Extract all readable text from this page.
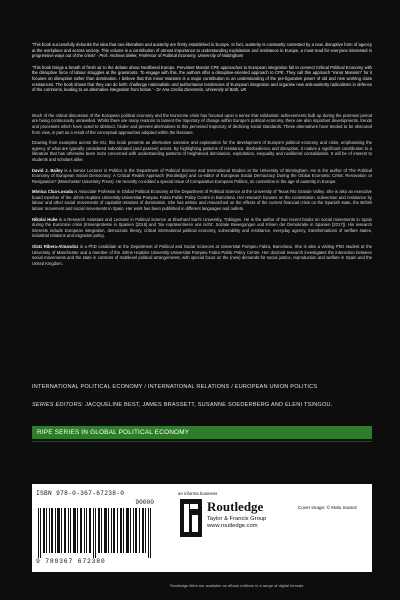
'This book successfully debunks the idea that neo-liberalism and austerity are firmly established in Europe. In fact, austerity is constantly contested by a new, disruptive form of agency at the workplace and across society. This volume is a contribution of utmost importance to understanding exploitation and resistance in Europe, a must-read for everyone interested in progressive ways out of the crisis!' - Prof. Andreas Bieler, Professor of Political Economy, University of Nottingham

'This book brings a breath of fresh air to the debate about Neoliberal Europe. Prevalent Marxist CPE approaches to European integration fail to connect Critical Political Economy with the disruptive force of labour struggles at the grassroots. To engage with this, the authors offer a disruptive-oriented approach to CPE. They call this approach "minor Marxism" for it focuses on disruption rather than domination. I believe that this minor Marxism is a major contribution to an understanding of the pre-figurative power of old and new working class resistances. The book shows that they can do both: challenge nationalistic and authoritarian tendencies of European integration and organise new anti-austerity radicalisms in defence of the commons, leading to an alternative integration from below.' - Dr Ana Cecilia Dinerstein, University of Bath, UK

Much of the critical discussion of the European political economy and the Eurozone crisis has focused upon a sense that solidaristic achievements built up during the post-war period are being continuously unravelled. Whilst there are many reasons to lament the trajectory of change within Europe's political economy, there are also important developments, trends and processes which have acted to obstruct, hinder and prevent alternatives to this perceived trajectory of declining social standards. These alternatives have tended to be obscured from view, in part as a result of the conceptual approaches adopted within the literature.

Drawing from examples across the EU, this book presents an alternative narrative and explanation for the development of Europe's political economy and crisis, emphasising the agency of what are typically considered subordinated (and passive) actors. By highlighting patterns of resistance, disobedience and disruption, it makes a significant contribution to a literature that has otherwise been more concerned with understanding patterns of heightened domination, exploitation, inequality and neoliberal consolidation. It will be of interest to students and scholars alike.

David J. Bailey is a Senior Lecturer in Politics in the Department of Political Science and International Studies at the University of Birmingham. He is the author of The Political Economy of European Social Democracy: A Critical Realist Approach (Routledge) and co-editor of European Social Democracy During the Global Economic Crisis: Renovation or Resignation? (Manchester University Press). He recently co-edited a special issue of Comparative European Politics, on contention in the age of austerity in Europe.

Mònica Clua-Losada is Associate Professor in Global Political Economy at the Department of Political Science at the University of Texas Rio Grande Valley. She is also an executive board member of the Johns Hopkins University-Universitat Pompeu Fabra Public Policy Centre in Barcelona. Her research focuses on the contestation, subversion and resistance by labour and other social movements of capitalist relations of domination. She has written and researched on the effects of the current financial crisis on the Spanish state, the British labour movement and social movements in Spain. Her work has been published in different languages and outlets.

Nikolai Huke is a Research Assistant and Lecturer in Political Science at Eberhard Karl's University, Tübingen. He is the author of two recent books on social movements in Spain during the Eurozone crisis (Krisenproteste in Spanien [2016] and 'Sie repräsentieren uns nicht'. Soziale Bewegungen und Krisen der Demokratie in Spanien [2017]). His research interests include European integration, democratic theory, critical international political economy, vulnerability and resistance, everyday agency, transformations of welfare states, industrial relations and migration policy.

Olatz Ribera-Almandoz is a PhD candidate at the Department of Political and Social Sciences at Universitat Pompeu Fabra, Barcelona. She is also a visiting PhD student at the University of Manchester and a member of the Johns Hopkins University-Universitat Pompeu Fabra Public Policy Centre. Her doctoral research investigates the interaction between social movements and the state in contexts of multilevel political arrangements, with special focus on the (new) demands for social justice, reproduction and welfare in Spain and the United Kingdom.

INTERNATIONAL POLITICAL ECONOMY / INTERNATIONAL RELATIONS / EUROPEAN UNION POLITICS
SERIES EDITORS: JACQUELINE BEST, JAMES BRASSETT, SUSANNE SOEDERBERG AND ELENI TSINGOU.
RIPE SERIES IN GLOBAL POLITICAL ECONOMY
ISBN 978-0-367-67238-0
90000
9 780367 672380
an informa business
Routledge
Taylor & Francis Group
www.routledge.com
Cover image: © Malu Suarez
Routledge titles are available as eBook editions in a range of digital formats
